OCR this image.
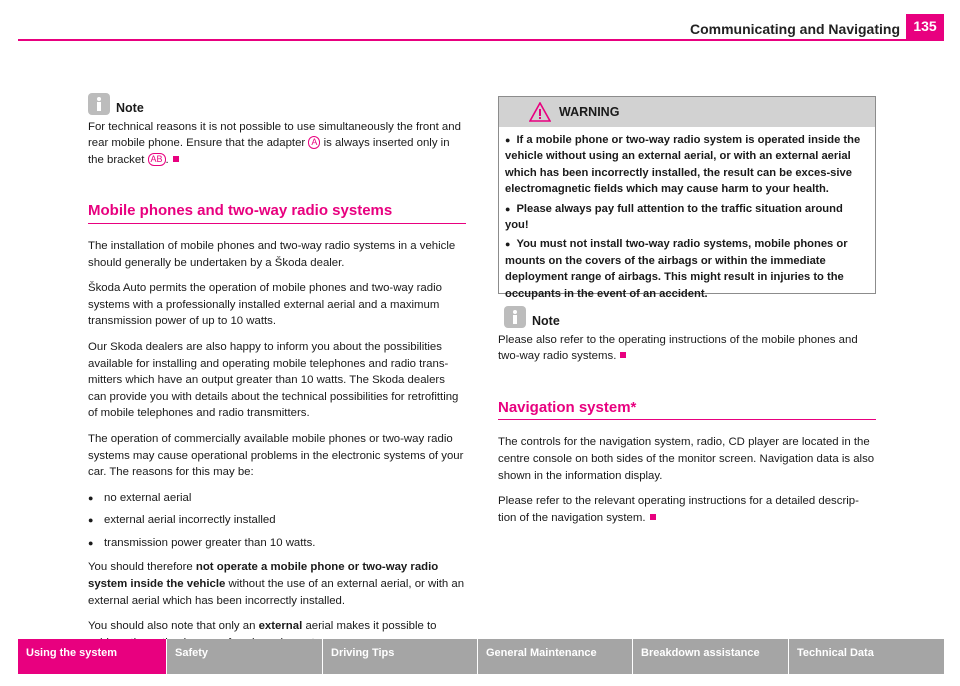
Communicating and Navigating 135
Note

For technical reasons it is not possible to use simultaneously the front and rear mobile phone. Ensure that the adapter A is always inserted only in the bracket AB .

Mobile phones and two-way radio systems

The installation of mobile phones and two-way radio systems in a vehicle should generally be undertaken by a Škoda dealer.

Škoda Auto permits the operation of mobile phones and two-way radio systems with a professionally installed external aerial and a maximum transmission power of up to 10 watts.

Our Skoda dealers are also happy to inform you about the possibilities available for installing and operating mobile telephones and radio trans-mitters which have an output greater than 10 watts. The Skoda dealers can provide you with details about the technical possibilities for retrofitting of mobile telephones and radio transmitters.

The operation of commercially available mobile phones or two-way radio systems may cause operational problems in the electronic systems of your car. The reasons for this may be:

● no external aerial
● external aerial incorrectly installed
● transmission power greater than 10 watts.

You should therefore not operate a mobile phone or two-way radio system inside the vehicle without the use of an external aerial, or with an external aerial which has been incorrectly installed.

You should also note that only an external aerial makes it possible to

WARNING
● If a mobile phone or two-way radio system is operated inside the vehicle without using an external aerial, or with an external aerial which has been incorrectly installed, the result can be exces-sive electromagnetic fields which may cause harm to your health.
● Please always pay full attention to the traffic situation around you!
● You must not install two-way radio systems, mobile phones or mounts on the covers of the airbags or within the immediate deployment range of airbags. This might result in injuries to the occupants in the event of an accident.
Note

Please also refer to the operating instructions of the mobile phones and two-way radio systems.

Navigation system*

The controls for the navigation system, radio, CD player are located in the centre console on both sides of the monitor screen. Navigation data is also shown in the information display.

Please refer to the relevant operating instructions for a detailed descrip-tion of the navigation system.

Using the system	Safety	Driving Tips	General Maintenance	Breakdown assistance	Technical Data
